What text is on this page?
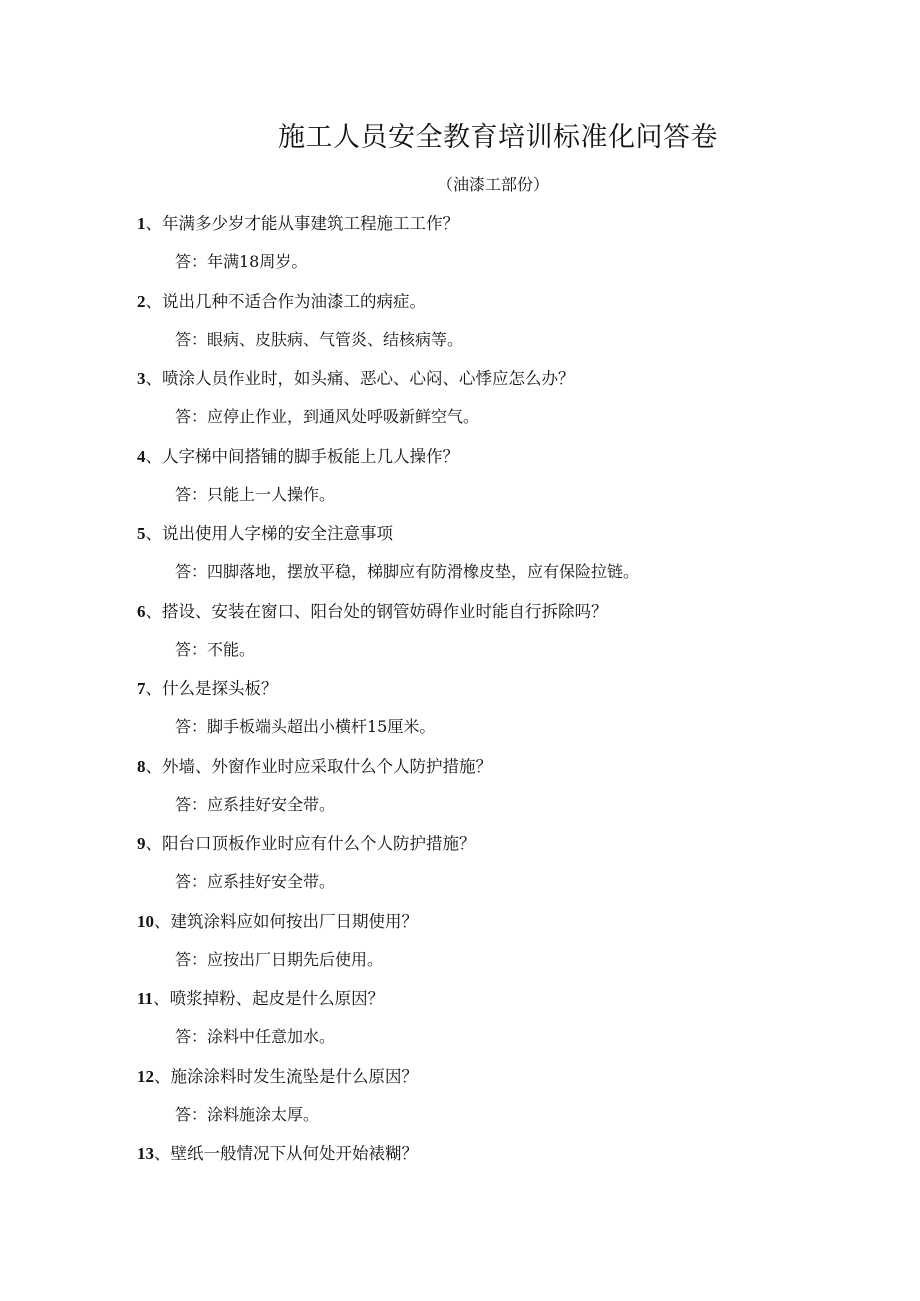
施工人员安全教育培训标准化问答卷
（油漆工部份）
1、年满多少岁才能从事建筑工程施工工作？
答：年满18周岁。
2、说出几种不适合作为油漆工的病症。
答：眼病、皮肤病、气管炎、结核病等。
3、喷涂人员作业时，如头痛、恶心、心闷、心悸应怎么办？
答：应停止作业，到通风处呼吸新鲜空气。
4、人字梯中间搭铺的脚手板能上几人操作？
答：只能上一人操作。
5、说出使用人字梯的安全注意事项
答：四脚落地，摆放平稳，梯脚应有防滑橡皮垫，应有保险拉链。
6、搭设、安装在窗口、阳台处的钢管妨碍作业时能自行拆除吗？
答：不能。
7、什么是探头板？
答：脚手板端头超出小横杆15厘米。
8、外墙、外窗作业时应采取什么个人防护措施？
答：应系挂好安全带。
9、阳台口顶板作业时应有什么个人防护措施？
答：应系挂好安全带。
10、建筑涂料应如何按出厂日期使用？
答：应按出厂日期先后使用。
11、喷浆掉粉、起皮是什么原因？
答：涂料中任意加水。
12、施涂涂料时发生流坠是什么原因？
答：涂料施涂太厚。
13、壁纸一般情况下从何处开始裱糊？
